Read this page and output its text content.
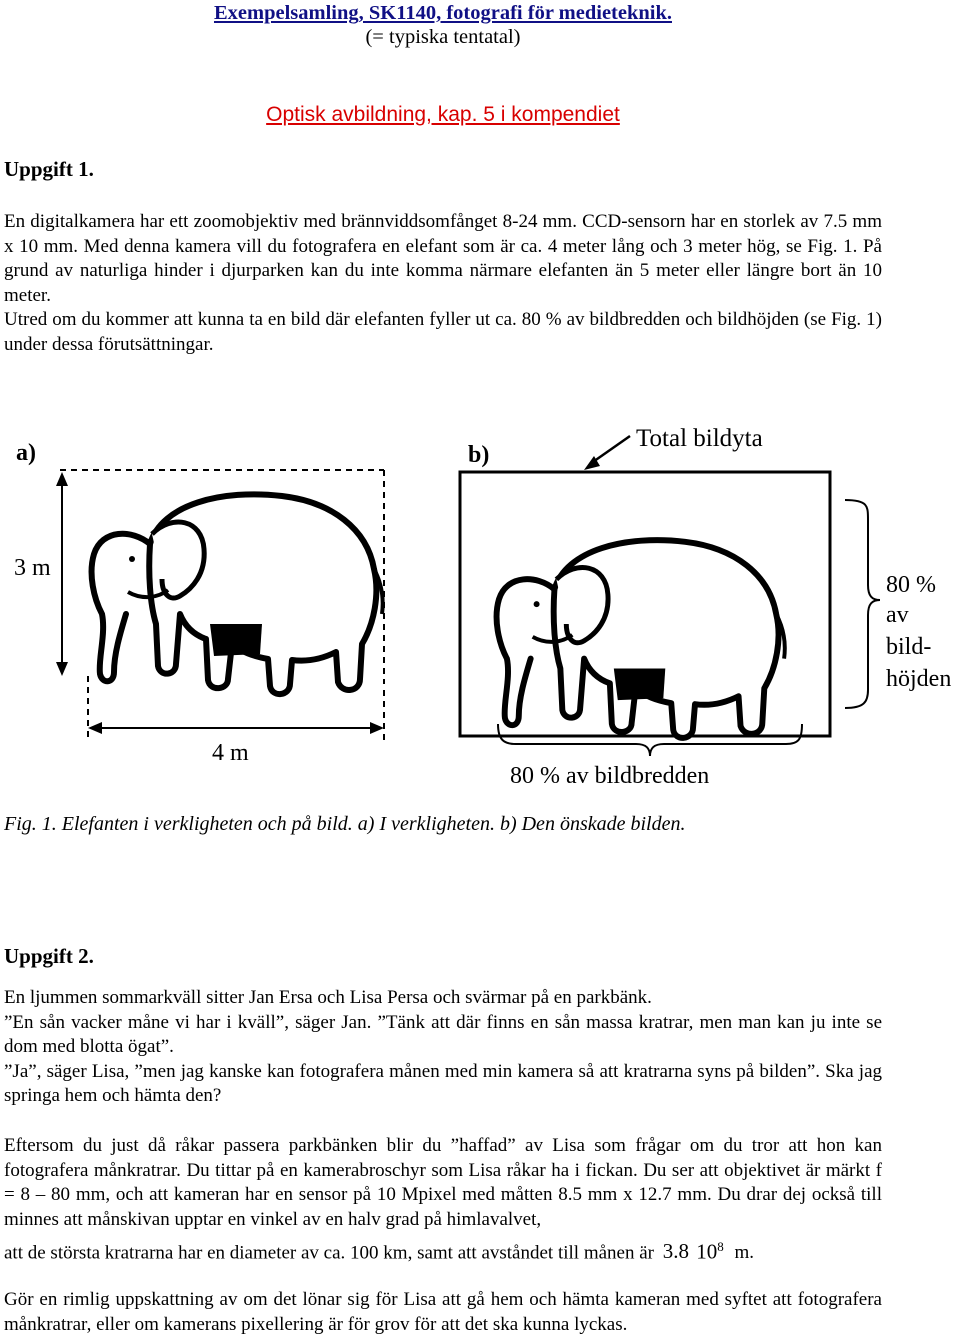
Exempelsamling, SK1140, fotografi för medieteknik.
(= typiska tentatal)
Optisk avbildning, kap. 5 i kompendiet
Uppgift 1.

En digitalkamera har ett zoomobjektiv med brännviddsomfånget 8-24 mm. CCD-sensorn har en storlek av 7.5 mm x 10 mm. Med denna kamera vill du fotografera en elefant som är ca. 4 meter lång och 3 meter hög, se Fig. 1. På grund av naturliga hinder i djurparken kan du inte komma närmare elefanten än 5 meter eller längre bort än 10 meter.

Utred om du kommer att kunna ta en bild där elefanten fyller ut ca. 80 % av bildbredden och bildhöjden (se Fig. 1) under dessa förutsättningar.

a)	b)
Total bildyta
3 m
4 m
80 %
av
bild-
höjden
80 % av bildbredden
Fig. 1. Elefanten i verkligheten och på bild. a) I verkligheten. b) Den önskade bilden.
Uppgift 2.

En ljummen sommarkväll sitter Jan Ersa och Lisa Persa och svärmar på en parkbänk.

”En sån vacker måne vi har i kväll”, säger Jan. ”Tänk att där finns en sån massa kratrar, men man kan ju inte se dom med blotta ögat”.

”Ja”, säger Lisa, ”men jag kanske kan fotografera månen med min kamera så att kratrarna syns på bilden”. Ska jag springa hem och hämta den?

Eftersom du just då råkar passera parkbänken blir du ”haffad” av Lisa som frågar om du tror att hon kan fotografera månkratrar. Du tittar på en kamerabroschyr som Lisa råkar ha i fickan. Du ser att objektivet är märkt f = 8 – 80 mm, och att kameran har en sensor på 10 Mpixel med måtten 8.5 mm x 12.7 mm. Du drar dej också till minnes att månskivan upptar en vinkel av en halv grad på himlavalvet,

att de största kratrarna har en diameter av ca. 100 km, samt att avståndet till månen är 3.8 $10^8$ m.

Gör en rimlig uppskattning av om det lönar sig för Lisa att gå hem och hämta kameran med syftet att fotografera månkratrar, eller om kamerans pixellering är för grov för att det ska kunna lyckas.
